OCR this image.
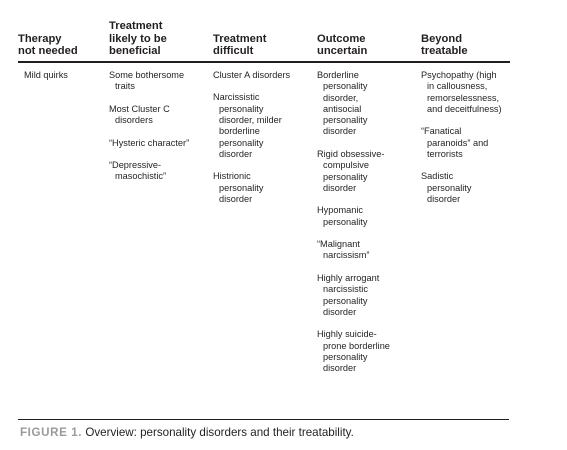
Therapy
not needed
Treatment
likely to be
beneficial
Treatment
difficult
Outcome
uncertain
Beyond
treatable
Mild quirks	Some bothersome
traits
Most Cluster C
disorders
“Hysteric character”
“Depressive-
masochistic”
Cluster A disorders
Narcissistic
personality
disorder, milder
borderline
personality
disorder
Histrionic
personality
disorder
Borderline
personality
disorder,
antisocial
personality
disorder
Rigid obsessive-
compulsive
personality
disorder
Hypomanic
personality
“Malignant
narcissism”
Highly arrogant
narcissistic
personality
disorder
Highly suicide-
prone borderline
personality
disorder
Psychopathy (high
in callousness,
remorselessness,
and deceitfulness)
“Fanatical
paranoids” and
terrorists
Sadistic
personality
disorder
FIGURE 1. Overview: personality disorders and their treatability.
